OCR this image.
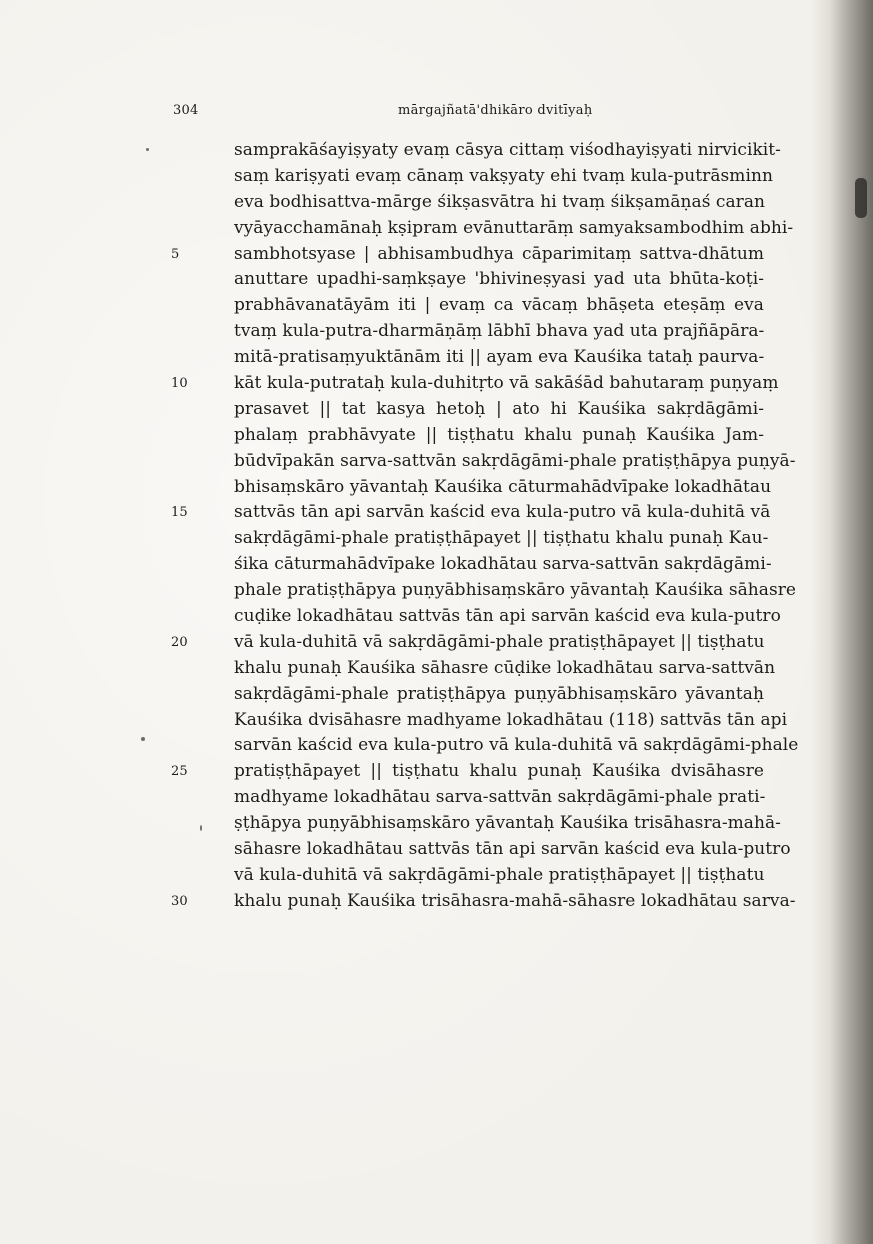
304	mārgajñatā'dhikāro dvitīyaḥ
samprakāśayiṣyaty evaṃ cāsya cittaṃ viśodhayiṣyati nirvicikit-
saṃ kariṣyati evaṃ cānaṃ vakṣyaty ehi tvaṃ kula-putrāsminn
eva bodhisattva-mārge śikṣasvātra hi tvaṃ śikṣamāṇaś caran
vyāyacchamānaḥ kṣipram evānuttarāṃ samyaksambodhim abhi-
5	sambhotsyase | abhisambudhya cāparimitaṃ sattva-dhātum
anuttare upadhi-saṃkṣaye 'bhivineṣyasi yad uta bhūta-koṭi-
prabhāvanatāyām iti | evaṃ ca vācaṃ bhāṣeta eteṣāṃ eva
tvaṃ kula-putra-dharmāṇāṃ lābhī bhava yad uta prajñāpāra-
mitā-pratisaṃyuktānām iti || ayam eva Kauśika tataḥ paurva-
10	kāt kula-putrataḥ kula-duhitṛto vā sakāśād bahutaraṃ puṇyaṃ
prasavet || tat kasya hetoḥ | ato hi Kauśika sakṛdāgāmi-
phalaṃ prabhāvyate || tiṣṭhatu khalu punaḥ Kauśika Jam-
būdvīpakān sarva-sattvān sakṛdāgāmi-phale pratiṣṭhāpya puṇyā-
bhisaṃskāro yāvantaḥ Kauśika cāturmahādvīpake lokadhātau
15	sattvās tān api sarvān kaścid eva kula-putro vā kula-duhitā vā
sakṛdāgāmi-phale pratiṣṭhāpayet || tiṣṭhatu khalu punaḥ Kau-
śika cāturmahādvīpake lokadhātau sarva-sattvān sakṛdāgāmi-
phale pratiṣṭhāpya puṇyābhisaṃskāro yāvantaḥ Kauśika sāhasre
cuḍike lokadhātau sattvās tān api sarvān kaścid eva kula-putro
20	vā kula-duhitā vā sakṛdāgāmi-phale pratiṣṭhāpayet || tiṣṭhatu
khalu punaḥ Kauśika sāhasre cūḍike lokadhātau sarva-sattvān
sakṛdāgāmi-phale pratiṣṭhāpya puṇyābhisaṃskāro yāvantaḥ
Kauśika dvisāhasre madhyame lokadhātau (118) sattvās tān api
sarvān kaścid eva kula-putro vā kula-duhitā vā sakṛdāgāmi-phale
25	pratiṣṭhāpayet || tiṣṭhatu khalu punaḥ Kauśika dvisāhasre
madhyame lokadhātau sarva-sattvān sakṛdāgāmi-phale prati-
ṣṭhāpya puṇyābhisaṃskāro yāvantaḥ Kauśika trisāhasra-mahā-
sāhasre lokadhātau sattvās tān api sarvān kaścid eva kula-putro
vā kula-duhitā vā sakṛdāgāmi-phale pratiṣṭhāpayet || tiṣṭhatu
30	khalu punaḥ Kauśika trisāhasra-mahā-sāhasre lokadhātau sarva-
